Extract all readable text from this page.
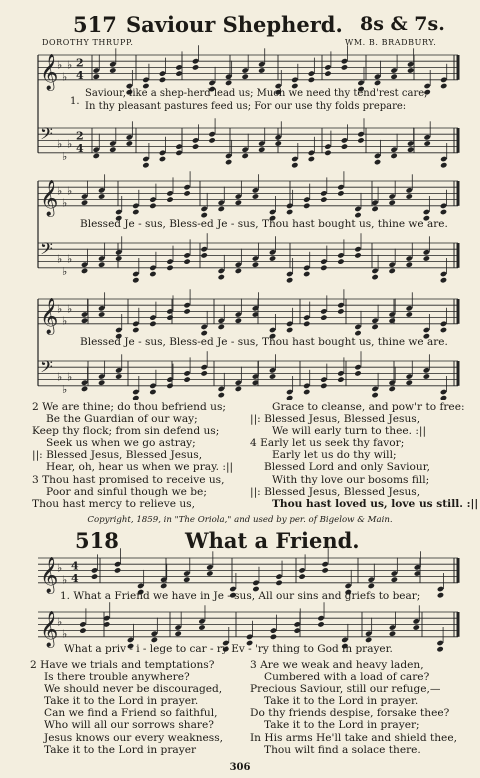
517 Saviour Shepherd. 8s & 7s.
DOROTHY THRUPP.	WM. B. BRADBURY.
𝄞
𝄢
♭
♭
♭
♭
♭
♭
2
4
2
4
𝄞
𝄢
♭
♭
♭
♭
♭
♭
𝄞
𝄢
♭
♭
♭
♭
♭
♭
1.
Saviour, like a shep-herd lead us; Much we need thy tend'rest care;
In thy pleasant pastures feed us; For our use thy folds prepare:
Blessed Je - sus, Bless-ed Je - sus, Thou hast bought us, thine we are.
Blessed Je - sus, Bless-ed Je - sus, Thou hast bought us, thine we are.
2 We are thine; do thou befriend us;
Be the Guardian of our way;
Keep thy flock; from sin defend us;
Seek us when we go astray;
||: Blessed Jesus, Blessed Jesus,
Hear, oh, hear us when we pray. :||
3 Thou hast promised to receive us,
Poor and sinful though we be;
Thou hast mercy to relieve us,
Grace to cleanse, and pow'r to free:
||: Blessed Jesus, Blessed Jesus,
We will early turn to thee. :||
4 Early let us seek thy favor;
Early let us do thy will;
Blessed Lord and only Saviour,
With thy love our bosoms fill;
||: Blessed Jesus, Blessed Jesus,
Thou hast loved us, love us still. :||
Copyright, 1859, in "The Oriola," and used by per. of Bigelow & Main.
518	What a Friend.
𝄞
♭
♭
4
4
𝄞
♭
♭
1. What a Friend we have in Je - sus, All our sins and griefs to bear;
What a priv - i - lege to car - ry Ev - 'ry thing to God in prayer.
2 Have we trials and temptations?
Is there trouble anywhere?
We should never be discouraged,
Take it to the Lord in prayer.
Can we find a Friend so faithful,
Who will all our sorrows share?
Jesus knows our every weakness,
Take it to the Lord in prayer
3 Are we weak and heavy laden,
Cumbered with a load of care?
Precious Saviour, still our refuge,—
Take it to the Lord in prayer.
Do thy friends despise, forsake thee?
Take it to the Lord in prayer;
In His arms He'll take and shield thee,
Thou wilt find a solace there.
306
